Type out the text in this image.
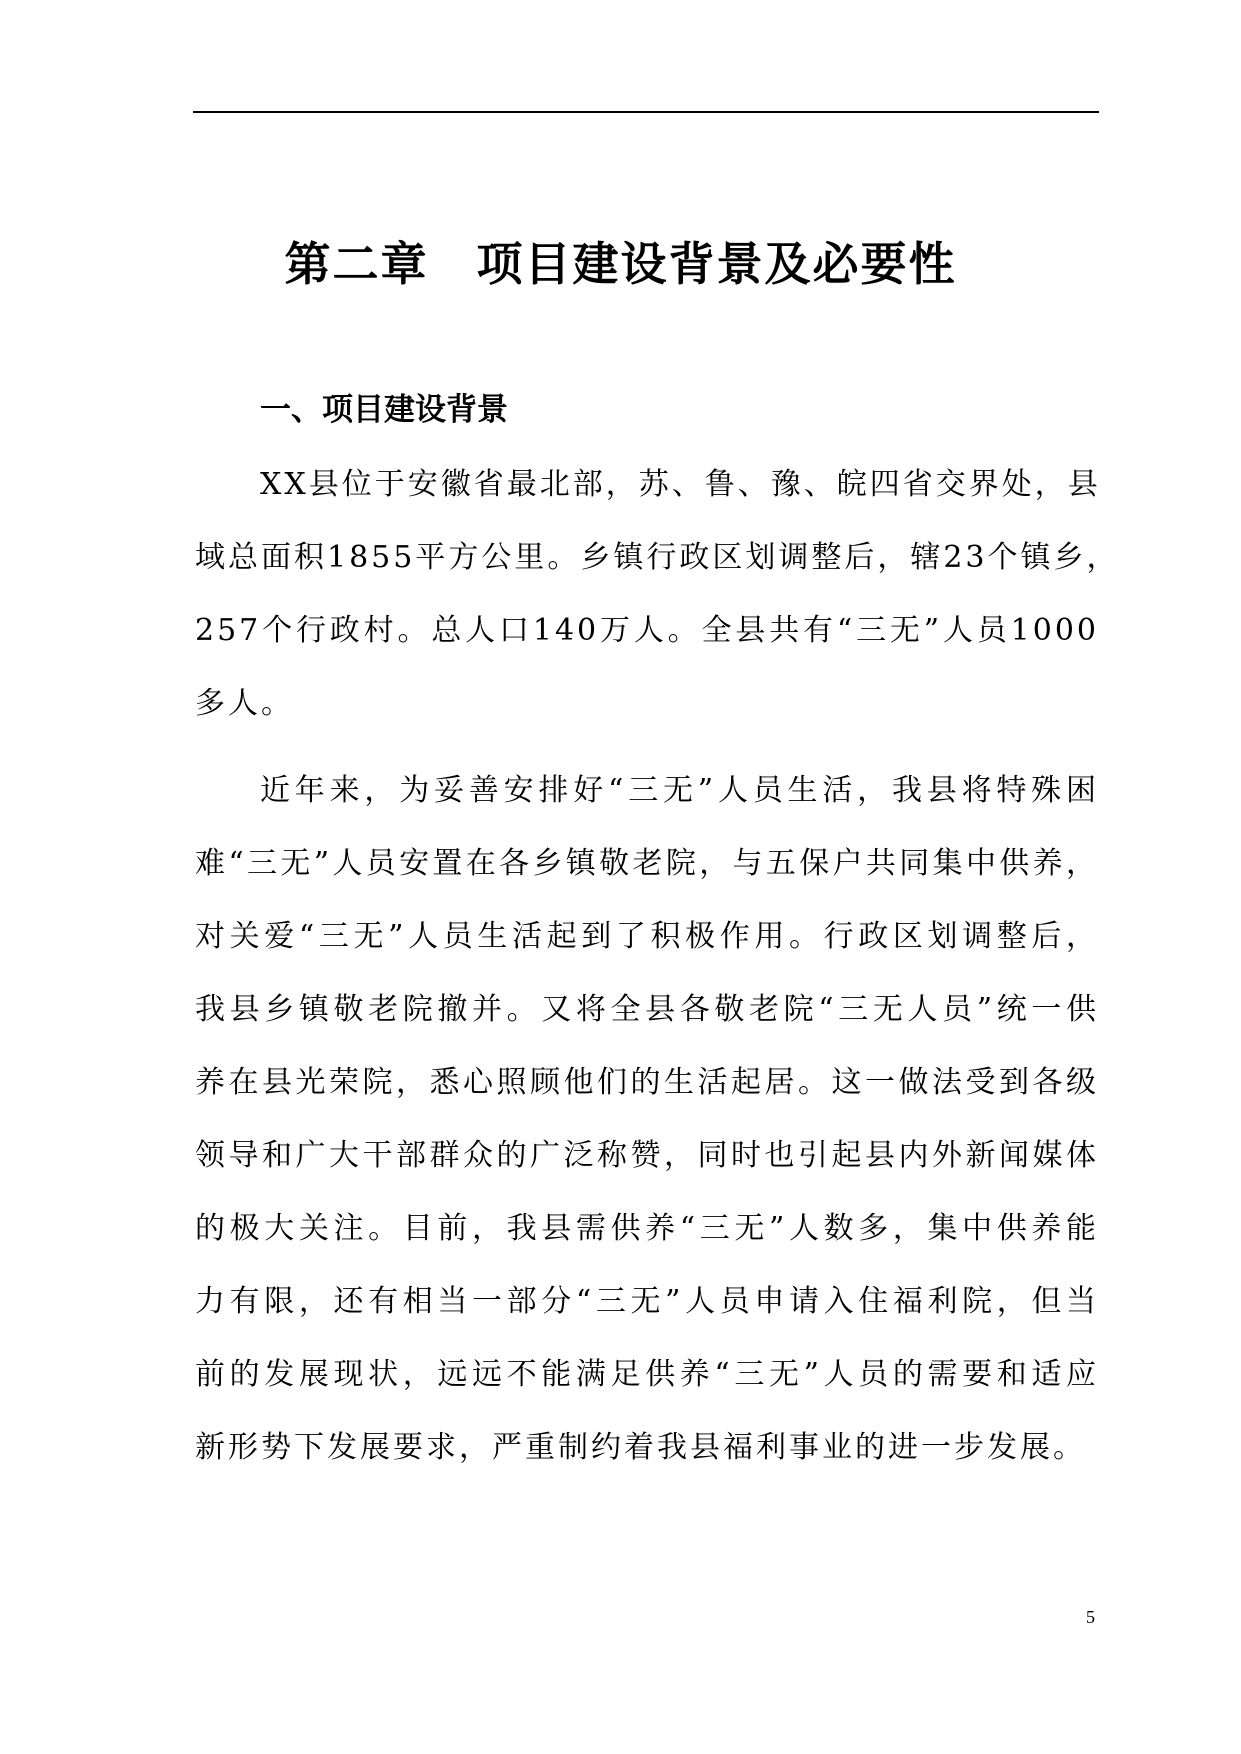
第二章　项目建设背景及必要性
一、项目建设背景
XX县位于安徽省最北部，苏、鲁、豫、皖四省交界处，县
域总面积1855平方公里。乡镇行政区划调整后，辖23个镇乡，
257个行政村。总人口140万人。全县共有“三无”人员1000
多人。
近年来，为妥善安排好“三无”人员生活，我县将特殊困
难“三无”人员安置在各乡镇敬老院，与五保户共同集中供养，
对关爱“三无”人员生活起到了积极作用。行政区划调整后，
我县乡镇敬老院撤并。又将全县各敬老院“三无人员”统一供
养在县光荣院，悉心照顾他们的生活起居。这一做法受到各级
领导和广大干部群众的广泛称赞，同时也引起县内外新闻媒体
的极大关注。目前，我县需供养“三无”人数多，集中供养能
力有限，还有相当一部分“三无”人员申请入住福利院，但当
前的发展现状，远远不能满足供养“三无”人员的需要和适应
新形势下发展要求，严重制约着我县福利事业的进一步发展。
5
